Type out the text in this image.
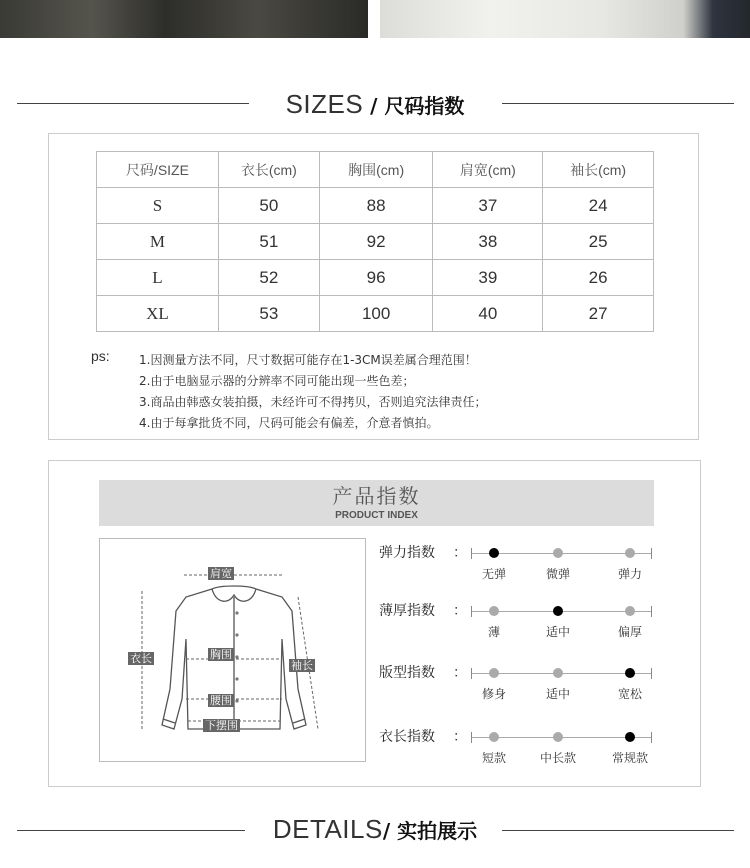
SIZES / 尺码指数
尺码/SIZE	衣长(cm)	胸围(cm)	肩宽(cm)	袖长(cm)
S	50	88	37	24
M	51	92	38	25
L	52	96	39	26
XL	53	100	40	27
ps: 1.因测量方法不同，尺寸数据可能存在1-3CM误差属合理范围！
2.由于电脑显示器的分辨率不同可能出现一些色差；
3.商品由韩惑女装拍摄，未经许可不得拷贝，否则追究法律责任；
4.由于每拿批货不同，尺码可能会有偏差，介意者慎拍。
产品指数
PRODUCT INDEX
肩宽
衣长	胸围
袖长
腰围
下摆围
弹力指数 ：
无弹	微弹	弹力
薄厚指数 ：
薄	适中	偏厚
版型指数 ：
修身	适中	宽松
衣长指数 ：
短款	中长款	常规款
DETAILS/ 实拍展示
